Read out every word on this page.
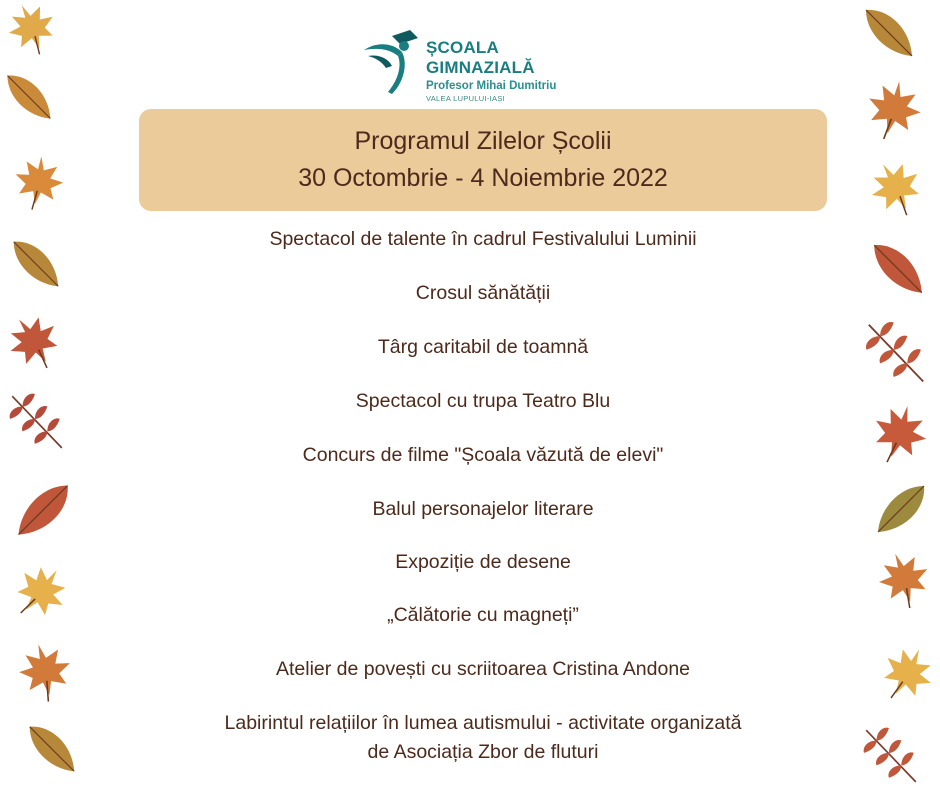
ȘCOALA GIMNAZIALĂ
Profesor Mihai Dumitriu
VALEA LUPULUI-IAȘI
Programul Zilelor Școlii
30 Octombrie - 4 Noiembrie 2022
Spectacol de talente în cadrul Festivalului Luminii
Crosul sănătății
Târg caritabil de toamnă
Spectacol cu trupa Teatro Blu
Concurs de filme "Școala văzută de elevi"
Balul personajelor literare
Expoziție de desene
„Călătorie cu magneți”
Atelier de povești cu scriitoarea Cristina Andone
Labirintul relațiilor în lumea autismului - activitate organizată
de Asociația Zbor de fluturi
